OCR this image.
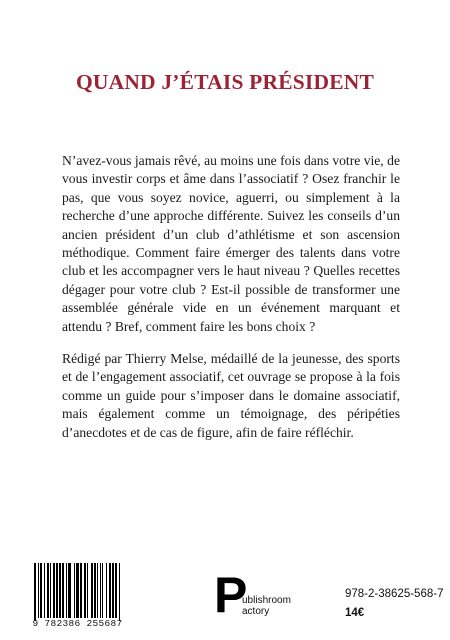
QUAND J’ÉTAIS PRÉSIDENT

N’avez-vous jamais rêvé, au moins une fois dans votre vie, de vous investir corps et âme dans l’associatif ? Osez franchir le pas, que vous soyez novice, aguerri, ou simplement à la recherche d’une approche différente. Suivez les conseils d’un ancien président d’un club d’athlétisme et son ascension méthodique. Comment faire émerger des talents dans votre club et les accompagner vers le haut niveau ? Quelles recettes dégager pour votre club ? Est-il possible de transformer une assemblée générale vide en un événement marquant et attendu ? Bref, comment faire les bons choix ?

Rédigé par Thierry Melse, médaillé de la jeunesse, des sports et de l’engagement associatif, cet ouvrage se propose à la fois comme un guide pour s’imposer dans le domaine associatif, mais également comme un témoignage, des péripéties d’anecdotes et de cas de figure, afin de faire réfléchir.

9 782386 255687
P
ublishroom
actory
978-2-38625-568-7
14€
